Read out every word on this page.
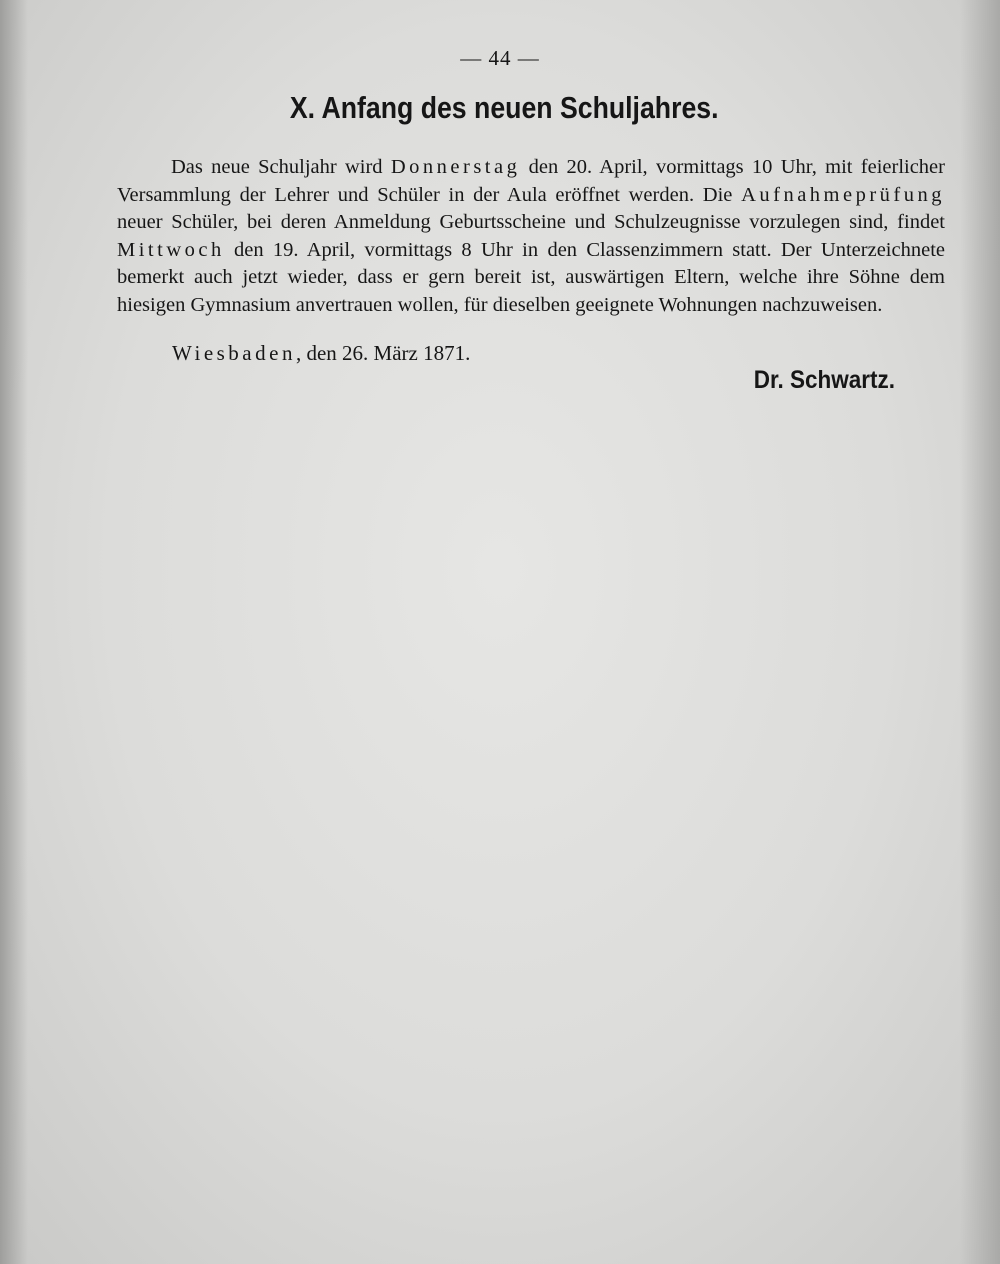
— 44 —
X. Anfang des neuen Schuljahres.

Das neue Schuljahr wird Donnerstag den 20. April, vormittags 10 Uhr, mit feierlicher Versammlung der Lehrer und Schüler in der Aula eröffnet werden. Die Aufnahmeprüfung neuer Schüler, bei deren Anmeldung Geburtsscheine und Schulzeugnisse vorzulegen sind, findet Mittwoch den 19. April, vormittags 8 Uhr in den Classenzimmern statt. Der Unterzeichnete bemerkt auch jetzt wieder, dass er gern bereit ist, auswärtigen Eltern, welche ihre Söhne dem hiesigen Gymnasium anvertrauen wollen, für dieselben geeignete Wohnungen nachzuweisen.

Wiesbaden, den 26. März 1871.
Dr. Schwartz.
